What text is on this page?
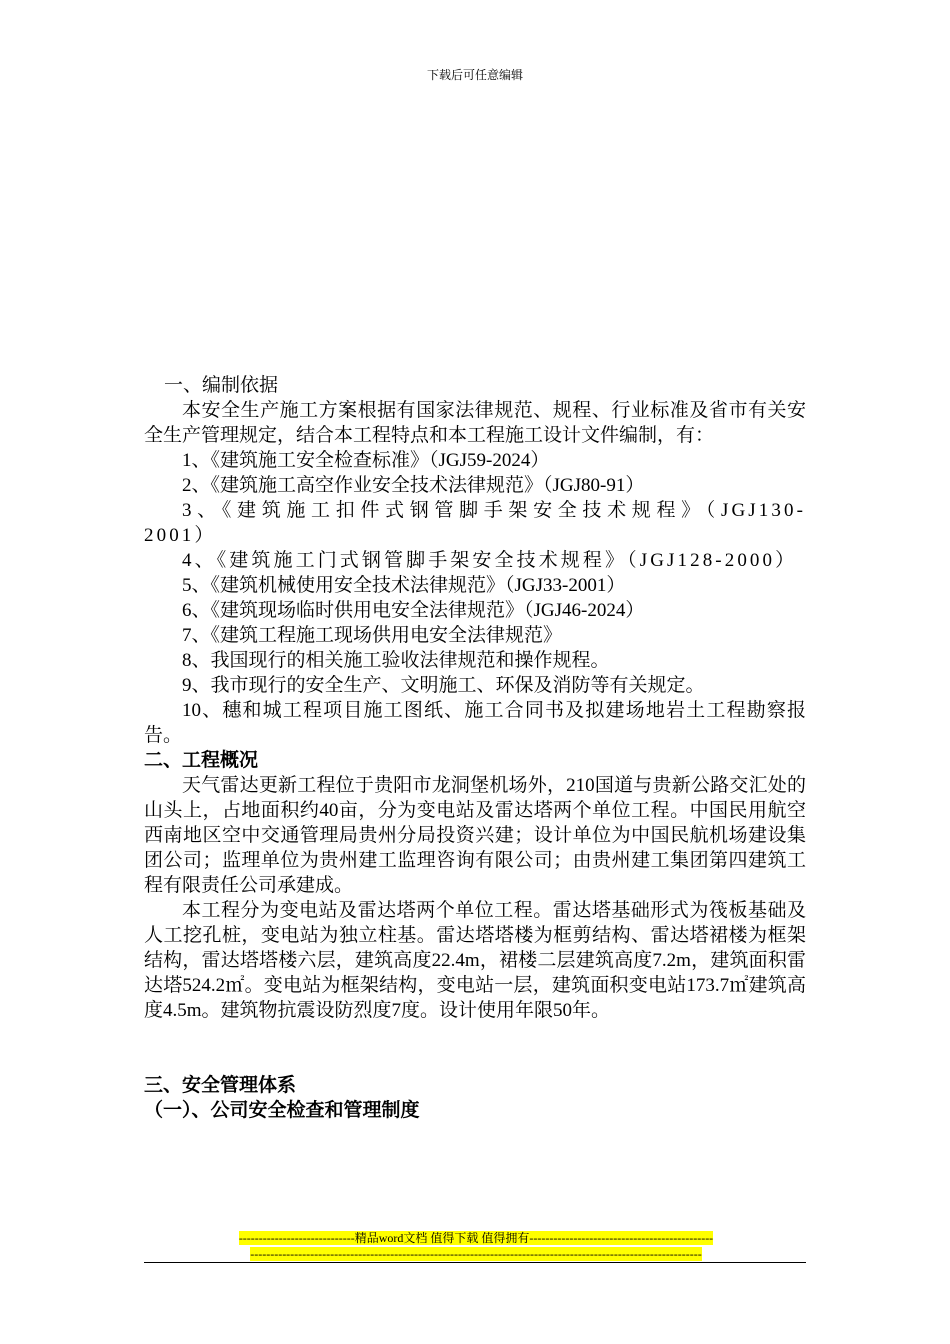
下载后可任意编辑

一、编制依据

本安全生产施工方案根据有国家法律规范、规程、行业标准及省市有关安全生产管理规定，结合本工程特点和本工程施工设计文件编制，有：

1、《建筑施工安全检查标准》（JGJ59-2024）

2、《建筑施工高空作业安全技术法律规范》（JGJ80-91）

3、《建筑施工扣件式钢管脚手架安全技术规程》（JGJ130-2001）

4、《建筑施工门式钢管脚手架安全技术规程》（JGJ128-2000）

5、《建筑机械使用安全技术法律规范》（JGJ33-2001）

6、《建筑现场临时供用电安全法律规范》（JGJ46-2024）

7、《建筑工程施工现场供用电安全法律规范》

8、我国现行的相关施工验收法律规范和操作规程。

9、我市现行的安全生产、文明施工、环保及消防等有关规定。

10、穗和城工程项目施工图纸、施工合同书及拟建场地岩土工程勘察报告。

二、工程概况

天气雷达更新工程位于贵阳市龙洞堡机场外，210国道与贵新公路交汇处的山头上，占地面积约40亩，分为变电站及雷达塔两个单位工程。中国民用航空西南地区空中交通管理局贵州分局投资兴建；设计单位为中国民航机场建设集团公司；监理单位为贵州建工监理咨询有限公司；由贵州建工集团第四建筑工程有限责任公司承建成。

本工程分为变电站及雷达塔两个单位工程。雷达塔基础形式为筏板基础及人工挖孔桩，变电站为独立柱基。雷达塔塔楼为框剪结构、雷达塔裙楼为框架结构，雷达塔塔楼六层，建筑高度22.4m，裙楼二层建筑高度7.2m，建筑面积雷达塔524.2㎡。变电站为框架结构，变电站一层，建筑面积变电站173.7㎡建筑高度4.5m。建筑物抗震设防烈度7度。设计使用年限50年。

三、安全管理体系

（一）、公司安全检查和管理制度

-----------------------------精品word文档 值得下载 值得拥有----------------------------------------------
-----------------------------------------------------------------------------------------------------------------
